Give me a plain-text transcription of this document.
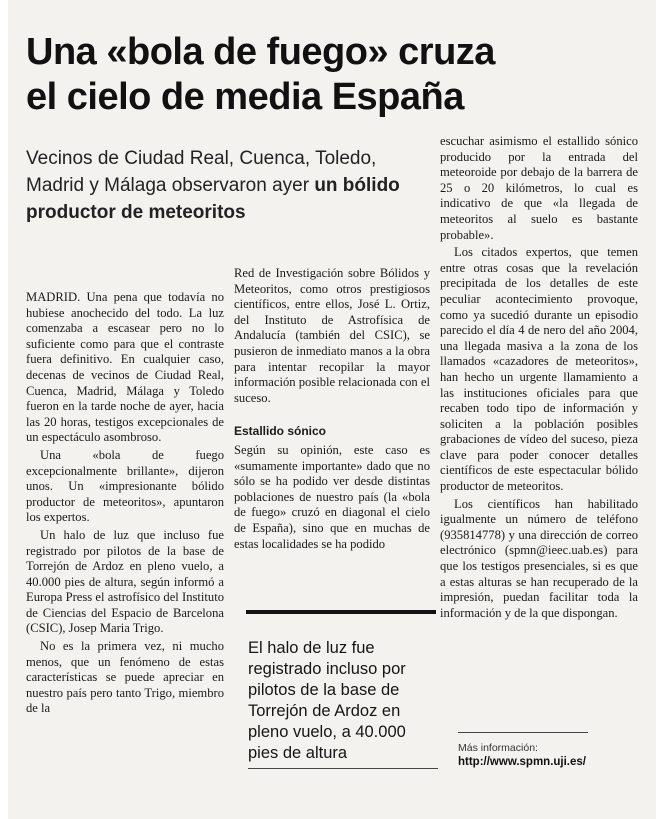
Una «bola de fuego» cruza el cielo de media España

Vecinos de Ciudad Real, Cuenca, Toledo, Madrid y Málaga observaron ayer un bólido productor de meteoritos

MADRID. Una pena que todavía no hubiese anochecido del todo. La luz comenzaba a escasear pero no lo suficiente como para que el contraste fuera definitivo. En cualquier caso, decenas de vecinos de Ciudad Real, Cuenca, Madrid, Málaga y Toledo fueron en la tarde noche de ayer, hacia las 20 horas, testigos excepcionales de un espectáculo asombroso.

Una «bola de fuego excepcionalmente brillante», dijeron unos. Un «impresionante bólido productor de meteoritos», apuntaron los expertos.

Un halo de luz que incluso fue registrado por pilotos de la base de Torrejón de Ardoz en pleno vuelo, a 40.000 pies de altura, según informó a Europa Press el astrofísico del Instituto de Ciencias del Espacio de Barcelona (CSIC), Josep Maria Trigo.

No es la primera vez, ni mucho menos, que un fenómeno de estas características se puede apreciar en nuestro país pero tanto Trigo, miembro de la

Red de Investigación sobre Bólidos y Meteoritos, como otros prestigiosos científicos, entre ellos, José L. Ortiz, del Instituto de Astrofísica de Andalucía (también del CSIC), se pusieron de inmediato manos a la obra para intentar recopilar la mayor información posible relacionada con el suceso.

Estallido sónico

Según su opinión, este caso es «sumamente importante» dado que no sólo se ha podido ver desde distintas poblaciones de nuestro país (la «bola de fuego» cruzó en diagonal el cielo de España), sino que en muchas de estas localidades se ha podido

El halo de luz fue registrado incluso por pilotos de la base de Torrejón de Ardoz en pleno vuelo, a 40.000 pies de altura

escuchar asimismo el estallido sónico producido por la entrada del meteoroide por debajo de la barrera de 25 o 20 kilómetros, lo cual es indicativo de que «la llegada de meteoritos al suelo es bastante probable».

Los citados expertos, que temen entre otras cosas que la revelación precipitada de los detalles de este peculiar acontecimiento provoque, como ya sucedió durante un episodio parecido el día 4 de nero del año 2004, una llegada masiva a la zona de los llamados «cazadores de meteoritos», han hecho un urgente llamamiento a las instituciones oficiales para que recaben todo tipo de información y soliciten a la población posibles grabaciones de vídeo del suceso, pieza clave para poder conocer detalles científicos de este espectacular bólido productor de meteoritos.

Los científicos han habilitado igualmente un número de teléfono (935814778) y una dirección de correo electrónico (spmn@ieec.uab.es) para que los testigos presenciales, si es que a estas alturas se han recuperado de la impresión, puedan facilitar toda la información y de la que dispongan.

Más información:
http://www.spmn.uji.es/
